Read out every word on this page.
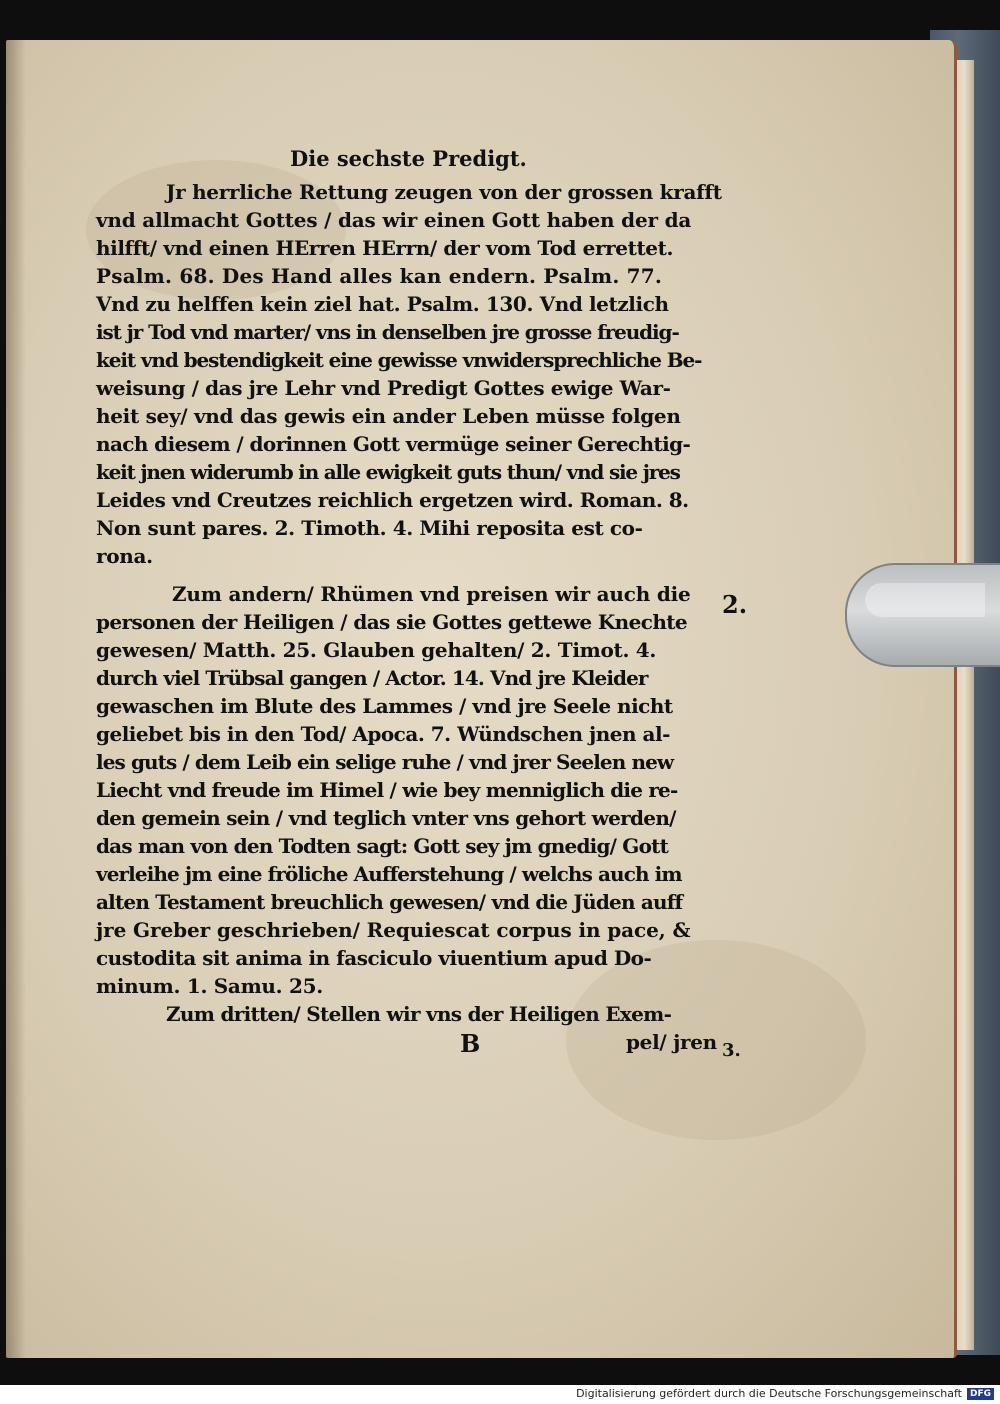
Die sechste Predigt.
Jr herrliche Rettung zeugen von der grossen krafft
vnd allmacht Gottes / das wir einen Gott haben der da
hilfft/ vnd einen HErren HErrn/ der vom Tod errettet.
Psalm. 68. Des Hand alles kan endern. Psalm. 77.
Vnd zu helffen kein ziel hat. Psalm. 130. Vnd letzlich
ist jr Tod vnd marter/ vns in denselben jre grosse freudig-
keit vnd bestendigkeit eine gewisse vnwidersprechliche Be-
weisung / das jre Lehr vnd Predigt Gottes ewige War-
heit sey/ vnd das gewis ein ander Leben müsse folgen
nach diesem / dorinnen Gott vermüge seiner Gerechtig-
keit jnen widerumb in alle ewigkeit guts thun/ vnd sie jres
Leides vnd Creutzes reichlich ergetzen wird. Roman. 8.
Non sunt pares. 2. Timoth. 4. Mihi reposita est co-
rona.
Zum andern/ Rhümen vnd preisen wir auch die
personen der Heiligen / das sie Gottes gettewe Knechte
gewesen/ Matth. 25. Glauben gehalten/ 2. Timot. 4.
durch viel Trübsal gangen / Actor. 14. Vnd jre Kleider
gewaschen im Blute des Lammes / vnd jre Seele nicht
geliebet bis in den Tod/ Apoca. 7. Wündschen jnen al-
les guts / dem Leib ein selige ruhe / vnd jrer Seelen new
Liecht vnd freude im Himel / wie bey menniglich die re-
den gemein sein / vnd teglich vnter vns gehort werden/
das man von den Todten sagt: Gott sey jm gnedig/ Gott
verleihe jm eine fröliche Aufferstehung / welchs auch im
alten Testament breuchlich gewesen/ vnd die Jüden auff
jre Greber geschrieben/ Requiescat corpus in pace, &
custodita sit anima in fasciculo viuentium apud Do-
minum. 1. Samu. 25.
Zum dritten/ Stellen wir vns der Heiligen Exem-
B	pel/ jren
2.
3.
Digitalisierung gefördert durch die Deutsche Forschungsgemeinschaft DFG
